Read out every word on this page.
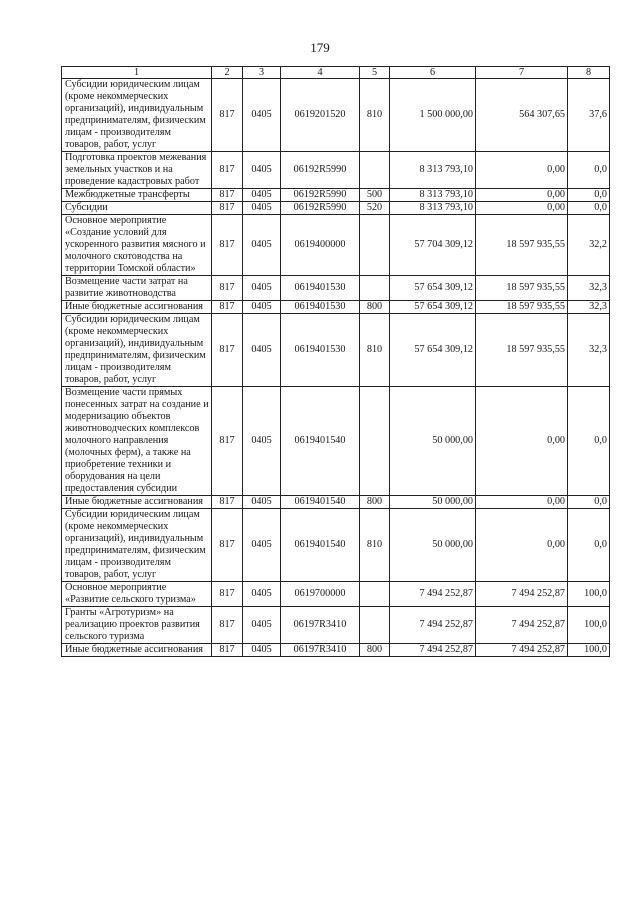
179
1	2	3	4	5	6	7	8
Субсидии юридическим лицам (кроме некоммерческих организаций), индивидуальным предпринимателям, физическим лицам - производителям товаров, работ, услуг	817	0405	0619201520	810	1 500 000,00	564 307,65	37,6
Подготовка проектов межевания земельных участков и на проведение кадастровых работ	817	0405	06192R5990		8 313 793,10	0,00	0,0
Межбюджетные трансферты	817	0405	06192R5990	500	8 313 793,10	0,00	0,0
Субсидии	817	0405	06192R5990	520	8 313 793,10	0,00	0,0
Основное мероприятие «Создание условий для ускоренного развития мясного и молочного скотоводства на территории Томской области»	817	0405	0619400000		57 704 309,12	18 597 935,55	32,2
Возмещение части затрат на развитие животноводства	817	0405	0619401530		57 654 309,12	18 597 935,55	32,3
Иные бюджетные ассигнования	817	0405	0619401530	800	57 654 309,12	18 597 935,55	32,3
Субсидии юридическим лицам (кроме некоммерческих организаций), индивидуальным предпринимателям, физическим лицам - производителям товаров, работ, услуг	817	0405	0619401530	810	57 654 309,12	18 597 935,55	32,3
Возмещение части прямых понесенных затрат на создание и модернизацию объектов животноводческих комплексов молочного направления (молочных ферм), а также на приобретение техники и оборудования на цели предоставления субсидии	817	0405	0619401540		50 000,00	0,00	0,0
Иные бюджетные ассигнования	817	0405	0619401540	800	50 000,00	0,00	0,0
Субсидии юридическим лицам (кроме некоммерческих организаций), индивидуальным предпринимателям, физическим лицам - производителям товаров, работ, услуг	817	0405	0619401540	810	50 000,00	0,00	0,0
Основное мероприятие «Развитие сельского туризма»	817	0405	0619700000		7 494 252,87	7 494 252,87	100,0
Гранты «Агротуризм» на реализацию проектов развития сельского туризма	817	0405	06197R3410		7 494 252,87	7 494 252,87	100,0
Иные бюджетные ассигнования	817	0405	06197R3410	800	7 494 252,87	7 494 252,87	100,0
